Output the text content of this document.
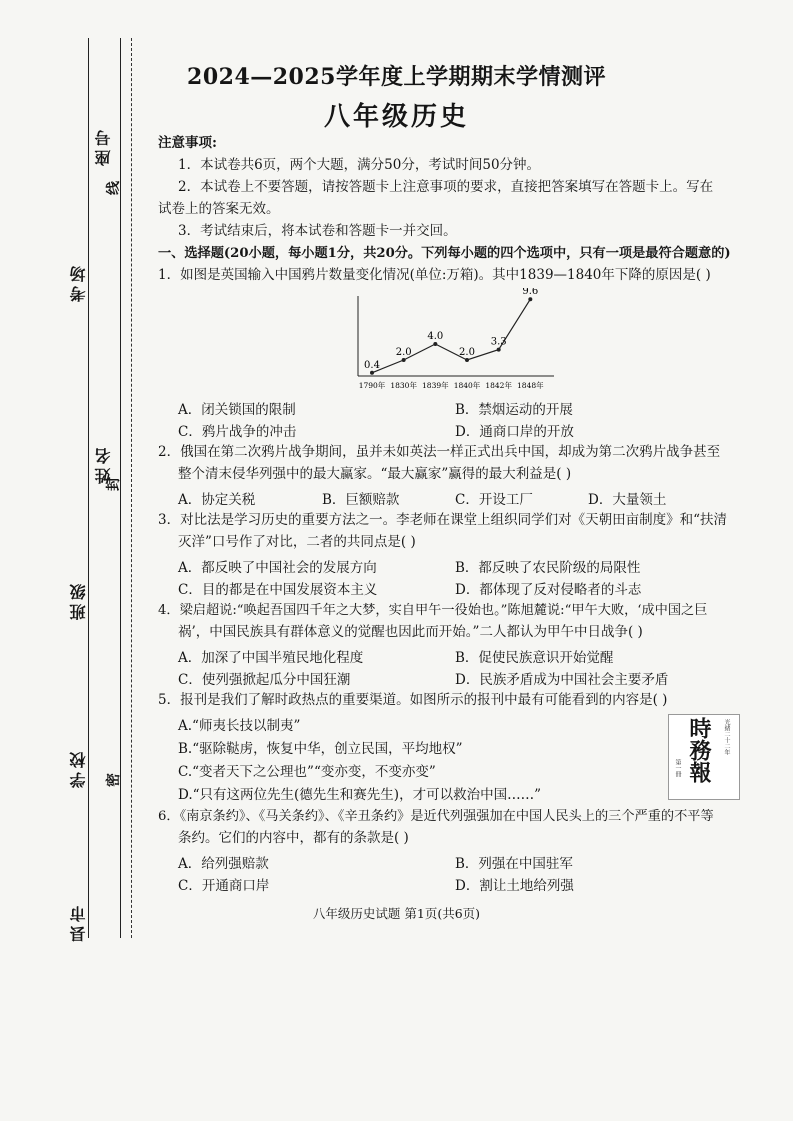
座号
考场
姓名
班级
学校
县市
线
封
密
2024—2025学年度上学期期末学情测评
八年级历史
注意事项:
1．本试卷共6页，两个大题，满分50分，考试时间50分钟。
2．本试卷上不要答题，请按答题卡上注意事项的要求，直接把答案填写在答题卡上。写在
试卷上的答案无效。
3．考试结束后，将本试卷和答题卡一并交回。
一、选择题(20小题，每小题1分，共20分。下列每小题的四个选项中，只有一项是最符合题意的)
1．如图是英国输入中国鸦片数量变化情况(单位:万箱)。其中1839—1840年下降的原因是( )
0.4
2.0
4.0
2.0
3.3
9.6
1790年 1830年 1839年 1840年 1842年 1848年
A．闭关锁国的限制	B．禁烟运动的开展
C．鸦片战争的冲击	D．通商口岸的开放
2．俄国在第二次鸦片战争期间，虽并未如英法一样正式出兵中国，却成为第二次鸦片战争甚至
整个清末侵华列强中的最大赢家。“最大赢家”赢得的最大利益是( )
A．协定关税	B．巨额赔款	C．开设工厂	D．大量领土
3．对比法是学习历史的重要方法之一。李老师在课堂上组织同学们对《天朝田亩制度》和“扶清
灭洋”口号作了对比，二者的共同点是( )
A．都反映了中国社会的发展方向	B．都反映了农民阶级的局限性
C．目的都是在中国发展资本主义	D．都体现了反对侵略者的斗志
4．梁启超说:“唤起吾国四千年之大梦，实自甲午一役始也。”陈旭麓说:“甲午大败，‘成中国之巨
祸’，中国民族具有群体意义的觉醒也因此而开始。”二人都认为甲午中日战争( )
A．加深了中国半殖民地化程度	B．促使民族意识开始觉醒
C．使列强掀起瓜分中国狂潮	D．民族矛盾成为中国社会主要矛盾
5．报刊是我们了解时政热点的重要渠道。如图所示的报刊中最有可能看到的内容是( )
A.“师夷长技以制夷”
B.“驱除鞑虏，恢复中华，创立民国，平均地权”
C.“变者天下之公理也”“变亦变，不变亦变”
D.“只有这两位先生(德先生和赛先生)，才可以救治中国……”
光緒二十二年
時務報
第一冊
6．《南京条约》、《马关条约》、《辛丑条约》是近代列强强加在中国人民头上的三个严重的不平等
条约。它们的内容中，都有的条款是( )
A．给列强赔款	B．列强在中国驻军
C．开通商口岸	D．割让土地给列强
八年级历史试题 第1页(共6页)
